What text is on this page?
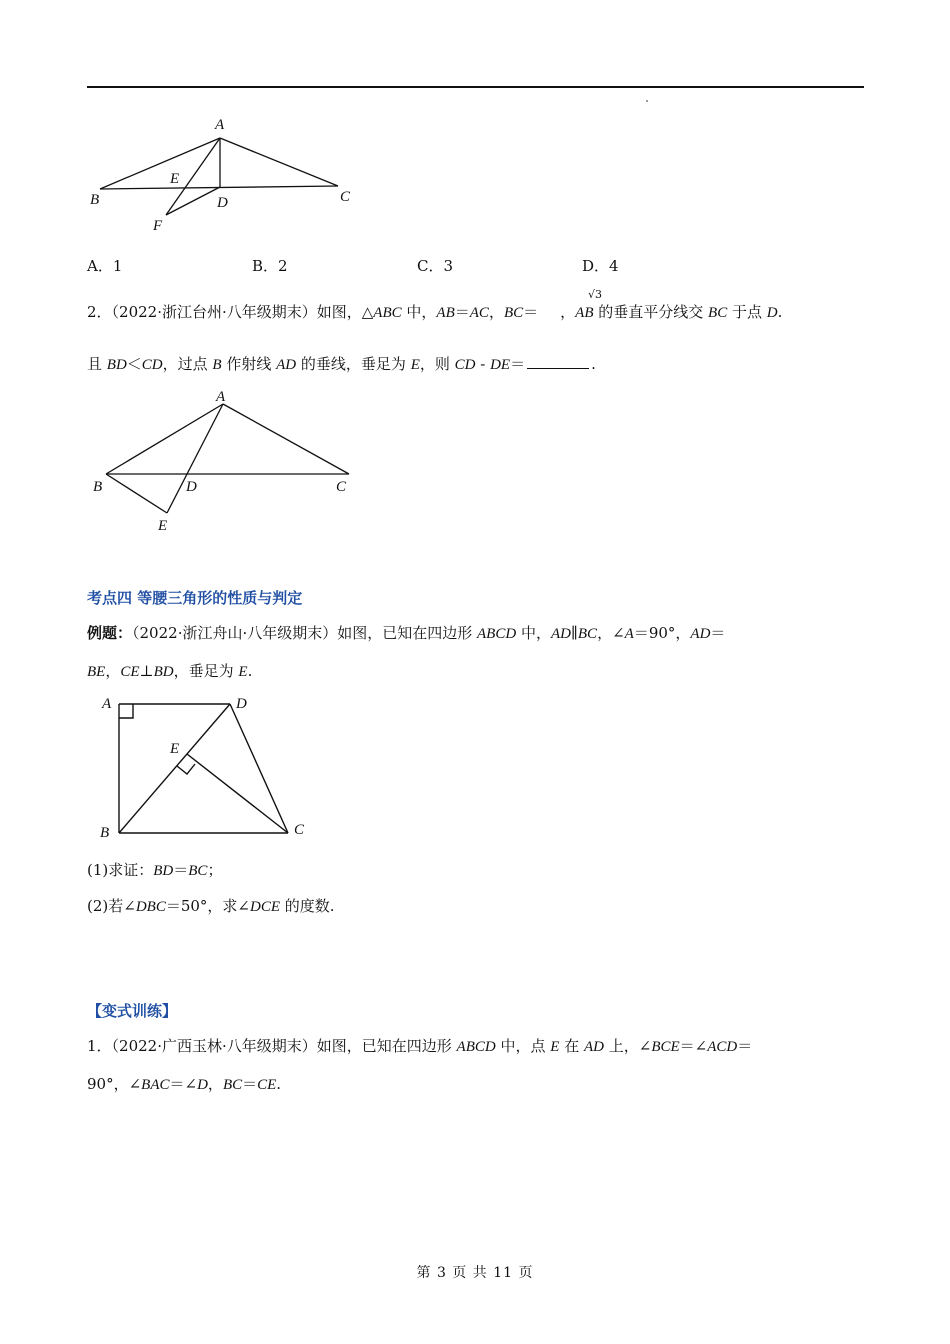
A
E
B	D	C
F
A．1	B．2	C．3	D．4
2．（2022·浙江台州·八年级期末）如图，△ABC 中，AB＝AC，BC＝ ，AB 的垂直平分线交 BC 于点 D.
√3
且 BD＜CD，过点 B 作射线 AD 的垂线，垂足为 E，则 CD - DE＝	.
A
B	D	C
E
考点四 等腰三角形的性质与判定
例题：（2022·浙江舟山·八年级期末）如图，已知在四边形 ABCD 中，AD∥BC，∠A＝90°，AD＝
BE，CE⊥BD，垂足为 E.
A	D
E
B	C
(1)求证：BD＝BC；
(2)若∠DBC＝50°，求∠DCE 的度数.
【变式训练】
1．（2022·广西玉林·八年级期末）如图，已知在四边形 ABCD 中，点 E 在 AD 上，∠BCE＝∠ACD＝
90°，∠BAC＝∠D，BC＝CE.
第 3 页 共 11 页
